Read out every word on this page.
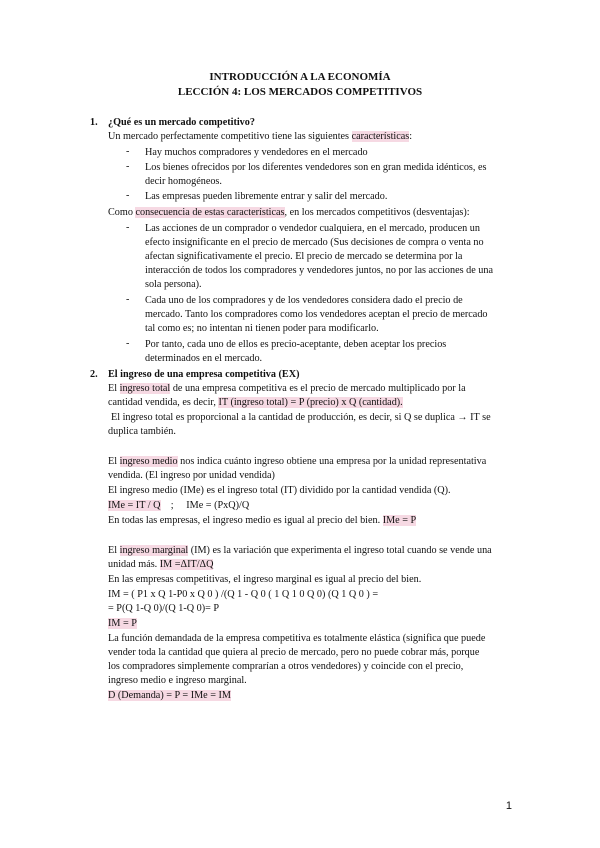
INTRODUCCIÓN A LA ECONOMÍA
LECCIÓN 4: LOS MERCADOS COMPETITIVOS
1. ¿Qué es un mercado competitivo?
Un mercado perfectamente competitivo tiene las siguientes características:
- Hay muchos compradores y vendedores en el mercado
- Los bienes ofrecidos por los diferentes vendedores son en gran medida idénticos, es
decir homogéneos.
- Las empresas pueden libremente entrar y salir del mercado.
Como consecuencia de estas características, en los mercados competitivos (desventajas):
- Las acciones de un comprador o vendedor cualquiera, en el mercado, producen un
efecto insignificante en el precio de mercado (Sus decisiones de compra o venta no
afectan significativamente el precio. El precio de mercado se determina por la
interacción de todos los compradores y vendedores juntos, no por las acciones de una
sola persona).
- Cada uno de los compradores y de los vendedores considera dado el precio de
mercado. Tanto los compradores como los vendedores aceptan el precio de mercado
tal como es; no intentan ni tienen poder para modificarlo.
- Por tanto, cada uno de ellos es precio-aceptante, deben aceptar los precios
determinados en el mercado.
2. El ingreso de una empresa competitiva (EX)
El ingreso total de una empresa competitiva es el precio de mercado multiplicado por la
cantidad vendida, es decir, IT (ingreso total) = P (precio) x Q (cantidad).
El ingreso total es proporcional a la cantidad de producción, es decir, si Q se duplica → IT se
duplica también.
El ingreso medio nos indica cuánto ingreso obtiene una empresa por la unidad representativa
vendida. (El ingreso por unidad vendida)
El ingreso medio (IMe) es el ingreso total (IT) dividido por la cantidad vendida (Q).
IMe = IT / Q    ;     IMe = (PxQ)/Q
En todas las empresas, el ingreso medio es igual al precio del bien. IMe = P
El ingreso marginal (IM) es la variación que experimenta el ingreso total cuando se vende una
unidad más. IM =ΔIT/ΔQ
En las empresas competitivas, el ingreso marginal es igual al precio del bien.
IM = ( P1 x Q 1-P0 x Q 0 ) /(Q 1 - Q 0 ( 1 Q 1 0 Q 0) (Q 1 Q 0 ) =
= P(Q 1-Q 0)/(Q 1-Q 0)= P
IM = P
La función demandada de la empresa competitiva es totalmente elástica (significa que puede
vender toda la cantidad que quiera al precio de mercado, pero no puede cobrar más, porque
los compradores simplemente comprarían a otros vendedores) y coincide con el precio,
ingreso medio e ingreso marginal.
D (Demanda) = P = IMe = IM
1
